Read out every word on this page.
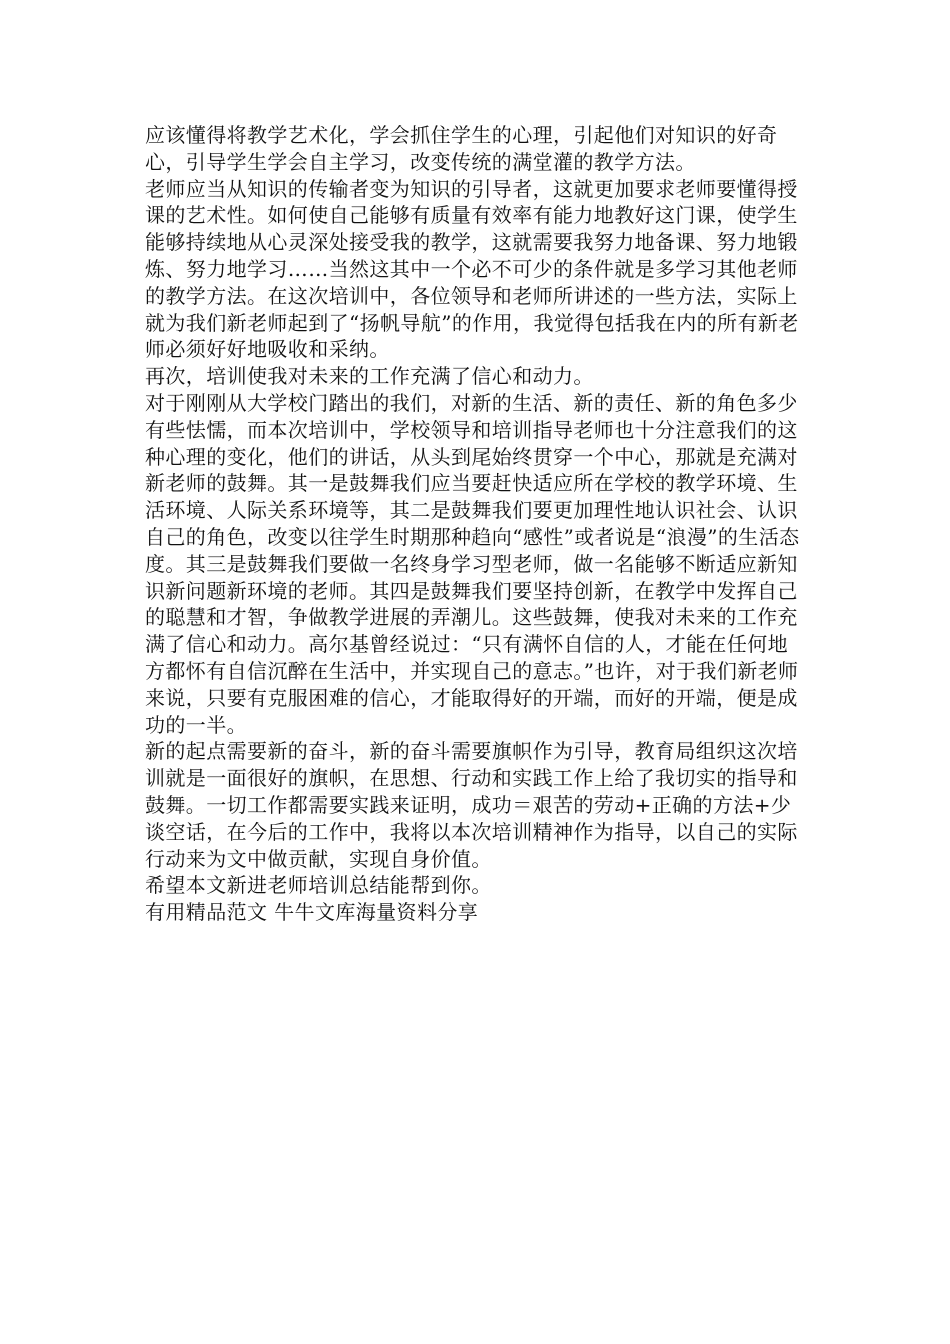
应该懂得将教学艺术化，学会抓住学生的心理，引起他们对知识的好奇心，引导学生学会自主学习，改变传统的满堂灌的教学方法。

老师应当从知识的传输者变为知识的引导者，这就更加要求老师要懂得授课的艺术性。如何使自己能够有质量有效率有能力地教好这门课，使学生能够持续地从心灵深处接受我的教学，这就需要我努力地备课、努力地锻炼、努力地学习……当然这其中一个必不可少的条件就是多学习其他老师的教学方法。在这次培训中，各位领导和老师所讲述的一些方法，实际上就为我们新老师起到了“扬帆导航”的作用，我觉得包括我在内的所有新老师必须好好地吸收和采纳。

再次，培训使我对未来的工作充满了信心和动力。

对于刚刚从大学校门踏出的我们，对新的生活、新的责任、新的角色多少有些怯懦，而本次培训中，学校领导和培训指导老师也十分注意我们的这种心理的变化，他们的讲话，从头到尾始终贯穿一个中心，那就是充满对新老师的鼓舞。其一是鼓舞我们应当要赶快适应所在学校的教学环境、生活环境、人际关系环境等，其二是鼓舞我们要更加理性地认识社会、认识自己的角色，改变以往学生时期那种趋向“感性”或者说是“浪漫”的生活态度。其三是鼓舞我们要做一名终身学习型老师，做一名能够不断适应新知识新问题新环境的老师。其四是鼓舞我们要坚持创新，在教学中发挥自己的聪慧和才智，争做教学进展的弄潮儿。这些鼓舞，使我对未来的工作充满了信心和动力。高尔基曾经说过：“只有满怀自信的人，才能在任何地方都怀有自信沉醉在生活中，并实现自己的意志。”也许，对于我们新老师来说，只要有克服困难的信心，才能取得好的开端，而好的开端，便是成功的一半。

新的起点需要新的奋斗，新的奋斗需要旗帜作为引导，教育局组织这次培训就是一面很好的旗帜，在思想、行动和实践工作上给了我切实的指导和鼓舞。一切工作都需要实践来证明，成功＝艰苦的劳动+正确的方法+少谈空话，在今后的工作中，我将以本次培训精神作为指导，以自己的实际行动来为文中做贡献，实现自身价值。

希望本文新进老师培训总结能帮到你。

有用精品范文 牛牛文库海量资料分享
